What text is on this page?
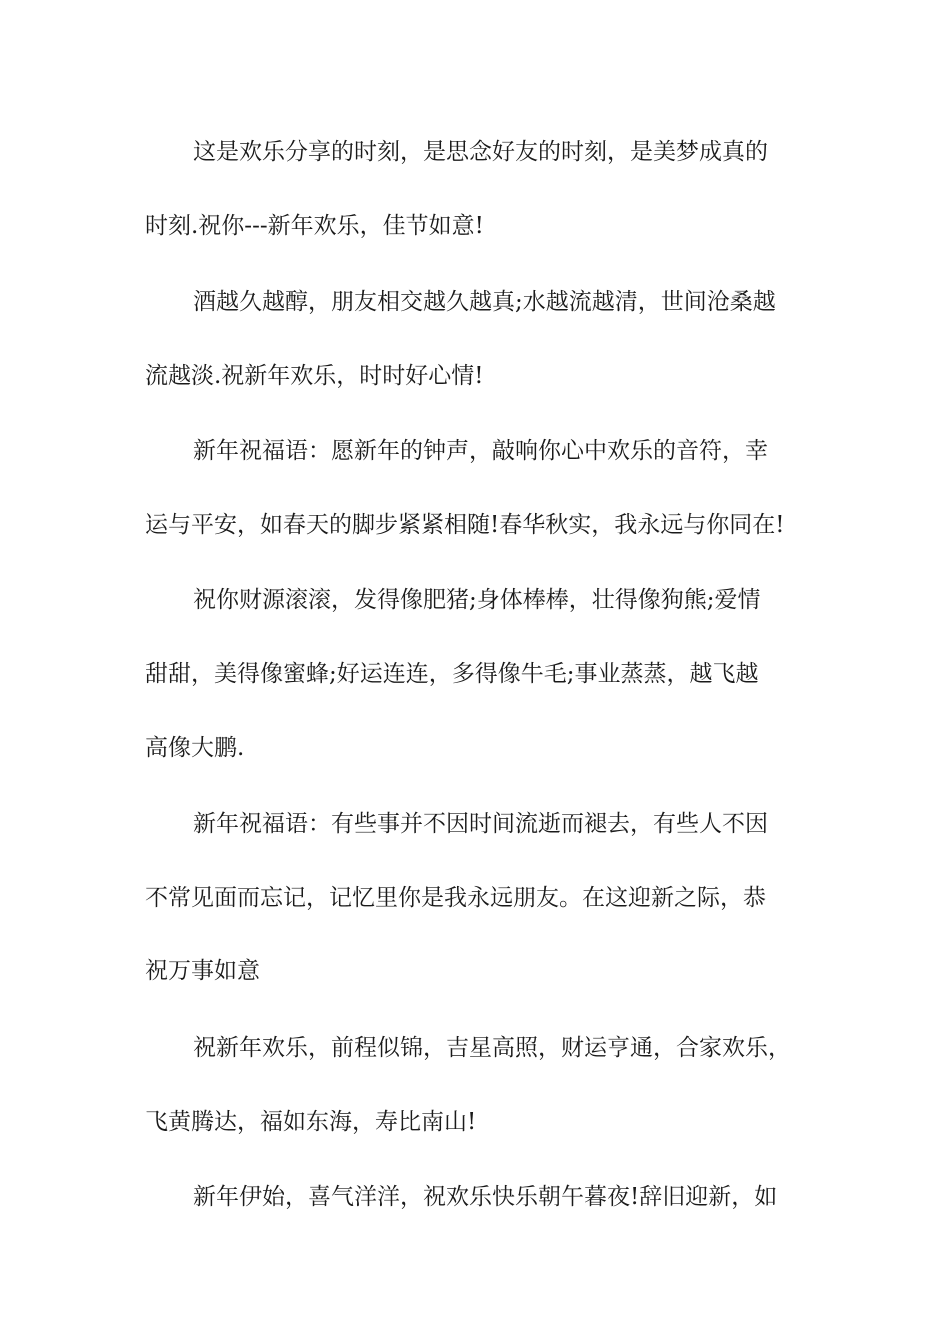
这是欢乐分享的时刻，是思念好友的时刻，是美梦成真的
时刻.祝你---新年欢乐，佳节如意!
酒越久越醇，朋友相交越久越真;水越流越清，世间沧桑越
流越淡.祝新年欢乐，时时好心情!
新年祝福语：愿新年的钟声，敲响你心中欢乐的音符，幸
运与平安，如春天的脚步紧紧相随!春华秋实，我永远与你同在!
祝你财源滚滚，发得像肥猪;身体棒棒，壮得像狗熊;爱情
甜甜，美得像蜜蜂;好运连连，多得像牛毛;事业蒸蒸，越飞越
高像大鹏.
新年祝福语：有些事并不因时间流逝而褪去，有些人不因
不常见面而忘记，记忆里你是我永远朋友。在这迎新之际，恭
祝万事如意
祝新年欢乐，前程似锦，吉星高照，财运亨通，合家欢乐，
飞黄腾达，福如东海，寿比南山!
新年伊始，喜气洋洋，祝欢乐快乐朝午暮夜!辞旧迎新，如
